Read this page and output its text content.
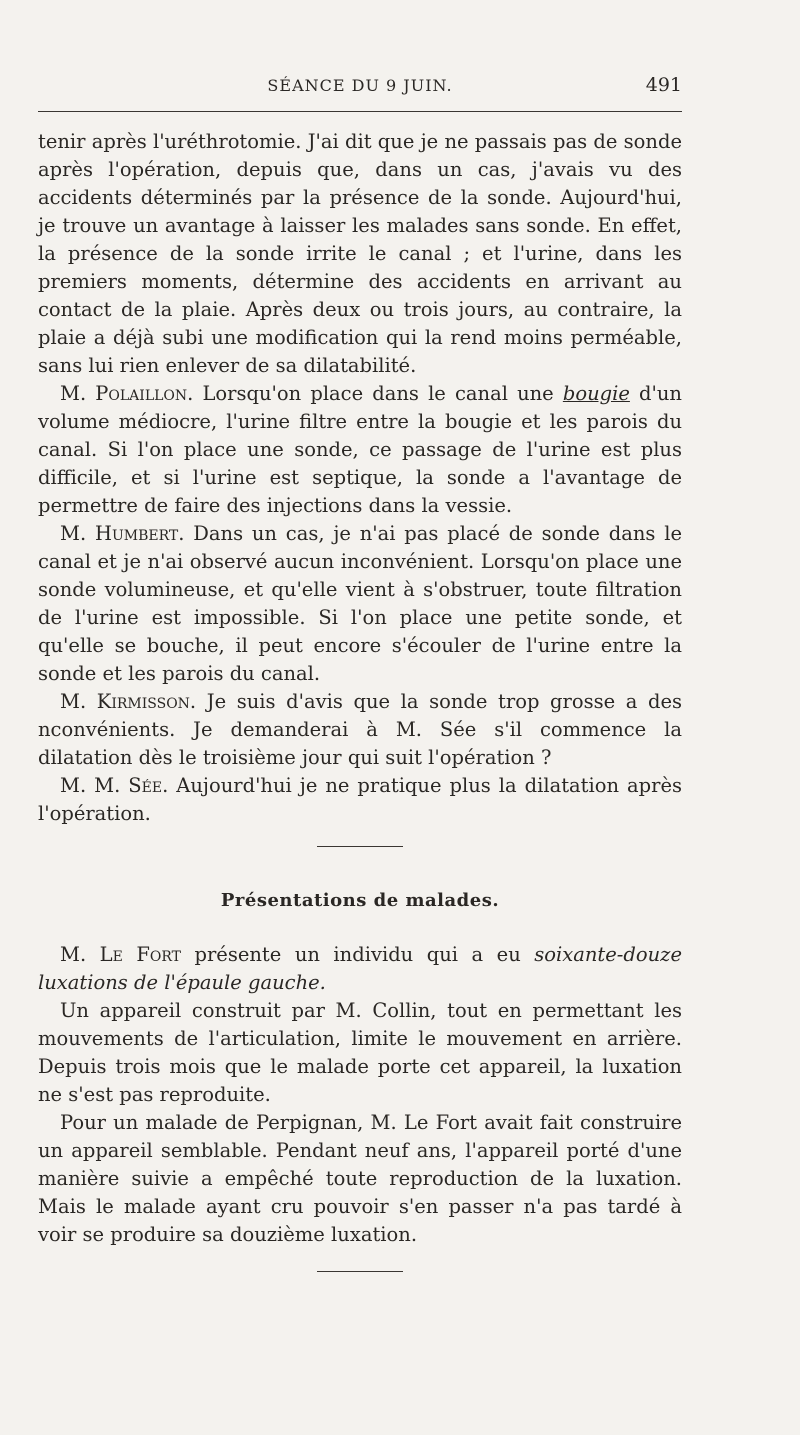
SÉANCE DU 9 JUIN.	491

tenir après l'uréthrotomie. J'ai dit que je ne passais pas de sonde après l'opération, depuis que, dans un cas, j'avais vu des accidents déterminés par la présence de la sonde. Aujourd'hui, je trouve un avantage à laisser les malades sans sonde. En effet, la présence de la sonde irrite le canal ; et l'urine, dans les premiers moments, détermine des accidents en arrivant au contact de la plaie. Après deux ou trois jours, au contraire, la plaie a déjà subi une modification qui la rend moins perméable, sans lui rien enlever de sa dilatabilité.

M. Polaillon. Lorsqu'on place dans le canal une bougie d'un volume médiocre, l'urine filtre entre la bougie et les parois du canal. Si l'on place une sonde, ce passage de l'urine est plus difficile, et si l'urine est septique, la sonde a l'avantage de permettre de faire des injections dans la vessie.

M. Humbert. Dans un cas, je n'ai pas placé de sonde dans le canal et je n'ai observé aucun inconvénient. Lorsqu'on place une sonde volumineuse, et qu'elle vient à s'obstruer, toute filtration de l'urine est impossible. Si l'on place une petite sonde, et qu'elle se bouche, il peut encore s'écouler de l'urine entre la sonde et les parois du canal.

M. Kirmisson. Je suis d'avis que la sonde trop grosse a des nconvénients. Je demanderai à M. Sée s'il commence la dilatation dès le troisième jour qui suit l'opération ?

M. M. Sée. Aujourd'hui je ne pratique plus la dilatation après l'opération.

Présentations de malades.

M. Le Fort présente un individu qui a eu soixante-douze luxations de l'épaule gauche.

Un appareil construit par M. Collin, tout en permettant les mouvements de l'articulation, limite le mouvement en arrière. Depuis trois mois que le malade porte cet appareil, la luxation ne s'est pas reproduite.

Pour un malade de Perpignan, M. Le Fort avait fait construire un appareil semblable. Pendant neuf ans, l'appareil porté d'une manière suivie a empêché toute reproduction de la luxation. Mais le malade ayant cru pouvoir s'en passer n'a pas tardé à voir se produire sa douzième luxation.
